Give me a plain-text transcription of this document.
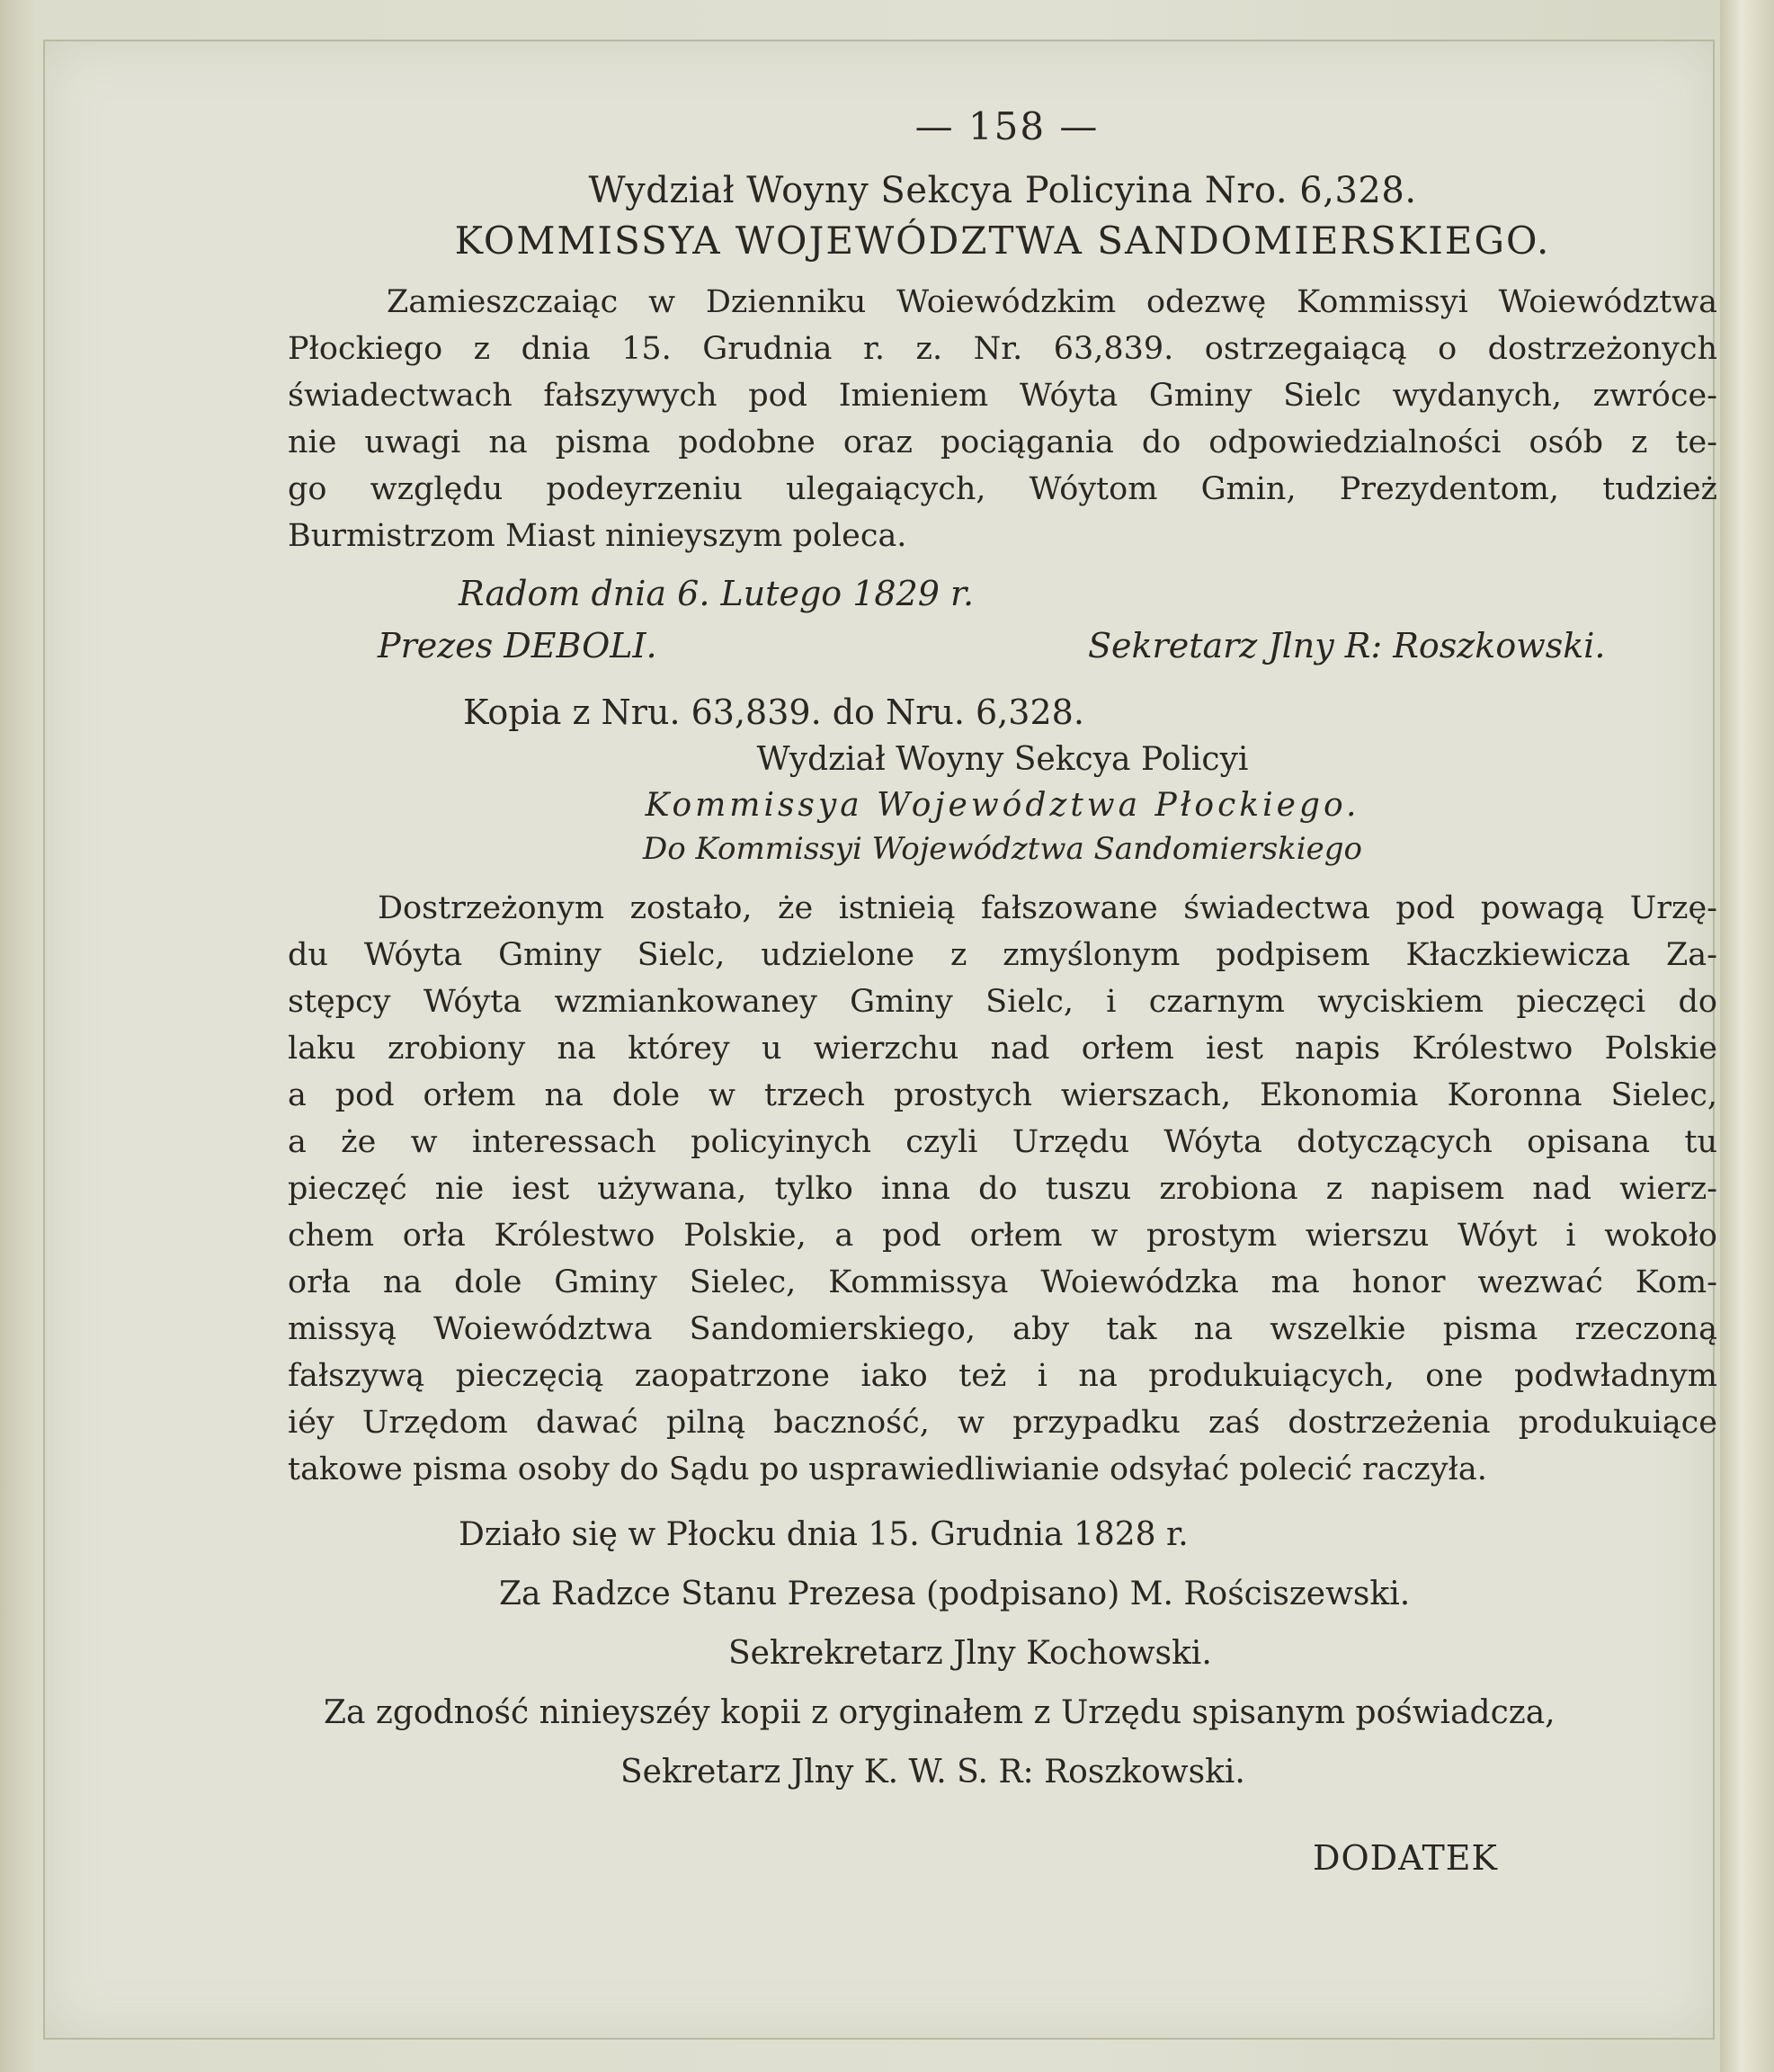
— 158 —
Wydział Woyny Sekcya Policyina Nro. 6,328.
KOMMISSYA WOJEWÓDZTWA SANDOMIERSKIEGO.
Zamieszczaiąc w Dzienniku Woiewódzkim odezwę Kommissyi Woiewództwa
Płockiego z dnia 15. Grudnia r. z. Nr. 63,839. ostrzegaiącą o dostrzeżonych
świadectwach fałszywych pod Imieniem Wóyta Gminy Sielc wydanych, zwróce-
nie uwagi na pisma podobne oraz pociągania do odpowiedzialności osób z te-
go względu podeyrzeniu ulegaiących, Wóytom Gmin, Prezydentom, tudzież
Burmistrzom Miast ninieyszym poleca.
Radom dnia 6. Lutego 1829 r.
Prezes DEBOLI.	Sekretarz Jlny R: Roszkowski.
Kopia z Nru. 63,839. do Nru. 6,328.
Wydział Woyny Sekcya Policyi
Kommissya Województwa Płockiego.
Do Kommissyi Województwa Sandomierskiego
Dostrzeżonym zostało, że istnieią fałszowane świadectwa pod powagą Urzę-
du Wóyta Gminy Sielc, udzielone z zmyślonym podpisem Kłaczkiewicza Za-
stępcy Wóyta wzmiankowaney Gminy Sielc, i czarnym wyciskiem pieczęci do
laku zrobiony na którey u wierzchu nad orłem iest napis Królestwo Polskie
a pod orłem na dole w trzech prostych wierszach, Ekonomia Koronna Sielec,
a że w interessach policyinych czyli Urzędu Wóyta dotyczących opisana tu
pieczęć nie iest używana, tylko inna do tuszu zrobiona z napisem nad wierz-
chem orła Królestwo Polskie, a pod orłem w prostym wierszu Wóyt i wokoło
orła na dole Gminy Sielec, Kommissya Woiewódzka ma honor wezwać Kom-
missyą Woiewództwa Sandomierskiego, aby tak na wszelkie pisma rzeczoną
fałszywą pieczęcią zaopatrzone iako też i na produkuiących, one podwładnym
iéy Urzędom dawać pilną baczność, w przypadku zaś dostrzeżenia produkuiące
takowe pisma osoby do Sądu po usprawiedliwianie odsyłać polecić raczyła.
Działo się w Płocku dnia 15. Grudnia 1828 r.
Za Radzce Stanu Prezesa (podpisano) M. Rościszewski.
Sekrekretarz Jlny Kochowski.
Za zgodność ninieyszéy kopii z oryginałem z Urzędu spisanym poświadcza,
Sekretarz Jlny K. W. S. R: Roszkowski.
DODATEK
